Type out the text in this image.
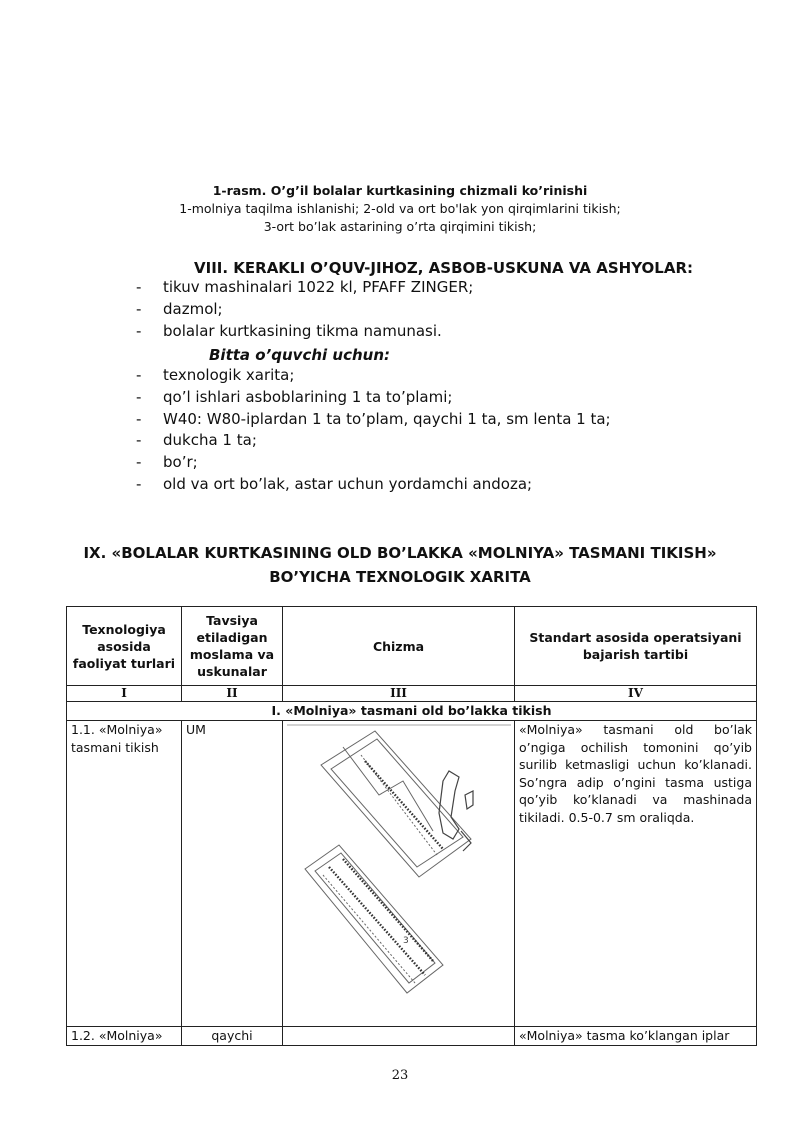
1-rasm. O’g’il bolalar kurtkasining chizmali ko’rinishi
1-molniya taqilma ishlanishi; 2-old va ort bo'lak yon qirqimlarini tikish;
3-ort bo’lak astarining o’rta qirqimini tikish;
VIII. KERAKLI O’QUV-JIHOZ, ASBOB-USKUNA VA ASHYOLAR:
- tikuv mashinalari 1022 kl, PFAFF ZINGER;
- dazmol;
- bolalar kurtkasining tikma namunasi.
Bitta o’quvchi uchun:
- texnologik xarita;
- qo’l ishlari asboblarining 1 ta to’plami;
- W40: W80-iplardan 1 ta to’plam, qaychi 1 ta, sm lenta 1 ta;
- dukcha 1 ta;
- bo’r;
- old va ort bo’lak, astar uchun yordamchi andoza;
IX. «BOLALAR KURTKASINING OLD BO’LAKKA «MOLNIYA» TASMANI TIKISH»
BO’YICHA TEXNOLOGIK XARITA
Texnologiya asosida faoliyat turlari	Tavsiya etiladigan moslama va uskunalar	Chizma	Standart asosida operatsiyani bajarish tartibi
I	II	III	IV
I. «Molniya» tasmani old bo’lakka tikish			
1.1. «Molniya» tasmani tikish	UM	3	«Molniya» tasmani old bo’lak o’ngiga ochilish tomonini qo’yib surilib ketmasligi uchun ko’klanadi. So’ngra adip o’ngini tasma ustiga qo’yib ko’klanadi va mashinada tikiladi. 0.5-0.7 sm oraliqda.
1.2. «Molniya»	qaychi		«Molniya» tasma ko’klangan iplar
23
